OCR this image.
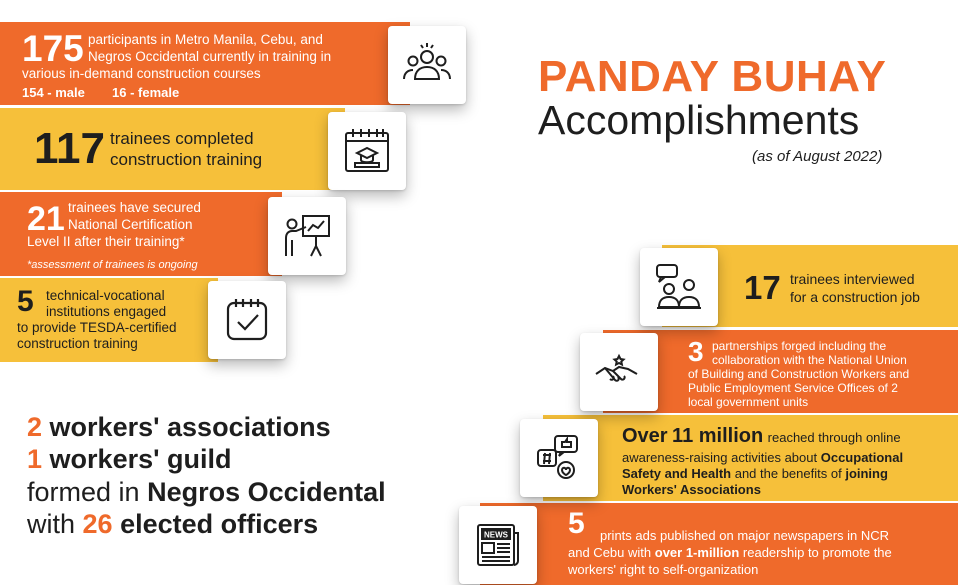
175 participants in Metro Manila, Cebu, and
Negros Occidental currently in training in
various in-demand construction courses
154 - male 16 - female
117 trainees completed
construction training
21 trainees have secured
National Certification
Level II after their training*
*assessment of trainees is ongoing
5 technical-vocational
institutions engaged
to provide TESDA-certified
construction training
PANDAY BUHAY
Accomplishments
(as of August 2022)
2 workers' associations
1 workers' guild
formed in Negros Occidental
with 26 elected officers
17 trainees interviewed
for a construction job
3 partnerships forged including the
collaboration with the National Union
of Building and Construction Workers and
Public Employment Service Offices of 2
local government units
Over 11 million reached through online
awareness-raising activities about Occupational
Safety and Health and the benefits of joining
Workers' Associations
5 prints ads published on major newspapers in NCR
and Cebu with over 1-million readership to promote the
workers' right to self-organization
NEWS
